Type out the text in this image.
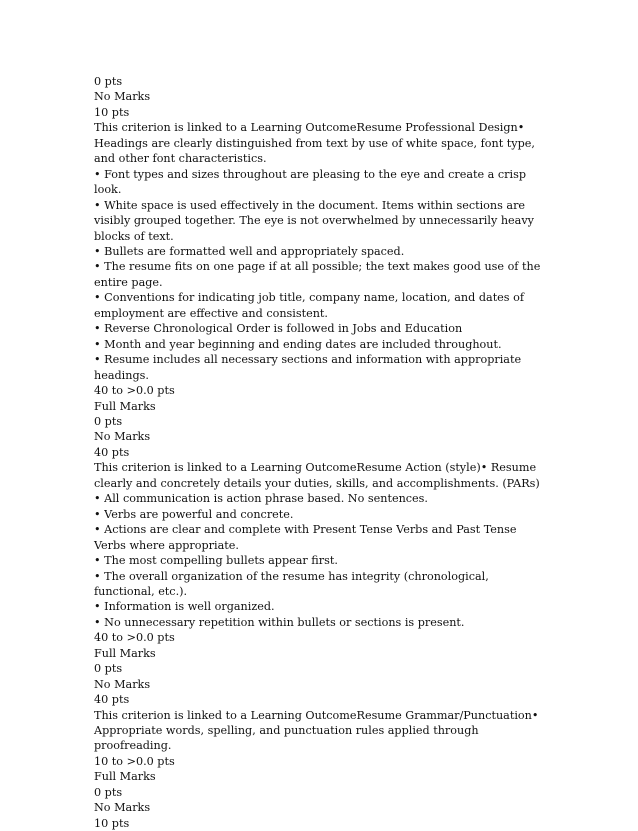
0 pts
No Marks
10 pts
This criterion is linked to a Learning OutcomeResume Professional Design• Headings are clearly distinguished from text by use of white space, font type, and other font characteristics.
• Font types and sizes throughout are pleasing to the eye and create a crisp look.
• White space is used effectively in the document. Items within sections are visibly grouped together. The eye is not overwhelmed by unnecessarily heavy blocks of text.
• Bullets are formatted well and appropriately spaced.
• The resume fits on one page if at all possible; the text makes good use of the entire page.
• Conventions for indicating job title, company name, location, and dates of employment are effective and consistent.
• Reverse Chronological Order is followed in Jobs and Education
• Month and year beginning and ending dates are included throughout.
• Resume includes all necessary sections and information with appropriate headings.
40 to >0.0 pts
Full Marks
0 pts
No Marks
40 pts
This criterion is linked to a Learning OutcomeResume Action (style)• Resume clearly and concretely details your duties, skills, and accomplishments. (PARs)
• All communication is action phrase based. No sentences.
• Verbs are powerful and concrete.
• Actions are clear and complete with Present Tense Verbs and Past Tense Verbs where appropriate.
• The most compelling bullets appear first.
• The overall organization of the resume has integrity (chronological, functional, etc.).
• Information is well organized.
• No unnecessary repetition within bullets or sections is present.
40 to >0.0 pts
Full Marks
0 pts
No Marks
40 pts
This criterion is linked to a Learning OutcomeResume Grammar/Punctuation• Appropriate words, spelling, and punctuation rules applied through proofreading.
10 to >0.0 pts
Full Marks
0 pts
No Marks
10 pts
